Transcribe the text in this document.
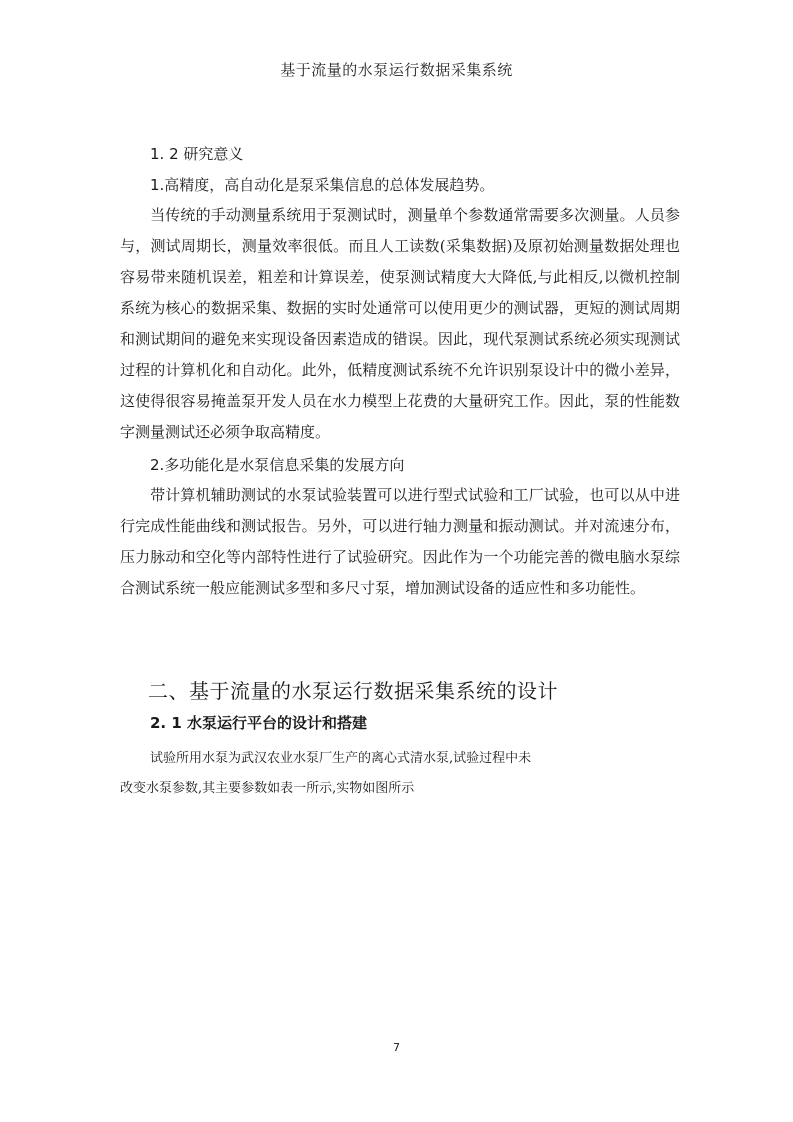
基于流量的水泵运行数据采集系统
1. 2 研究意义
1.高精度，高自动化是泵采集信息的总体发展趋势。
当传统的手动测量系统用于泵测试时，测量单个参数通常需要多次测量。人员参与，测试周期长，测量效率很低。而且人工读数(采集数据)及原初始测量数据处理也容易带来随机误差，粗差和计算误差，使泵测试精度大大降低,与此相反,以微机控制系统为核心的数据采集、数据的实时处通常可以使用更少的测试器，更短的测试周期和测试期间的避免来实现设备因素造成的错误。因此，现代泵测试系统必须实现测试过程的计算机化和自动化。此外，低精度测试系统不允许识别泵设计中的微小差异，这使得很容易掩盖泵开发人员在水力模型上花费的大量研究工作。因此，泵的性能数字测量测试还必须争取高精度。
2.多功能化是水泵信息采集的发展方向
带计算机辅助测试的水泵试验装置可以进行型式试验和工厂试验，也可以从中进行完成性能曲线和测试报告。另外，可以进行轴力测量和振动测试。并对流速分布，压力脉动和空化等内部特性进行了试验研究。因此作为一个功能完善的微电脑水泵综合测试系统一般应能测试多型和多尺寸泵，增加测试设备的适应性和多功能性。
二、基于流量的水泵运行数据采集系统的设计
2. 1 水泵运行平台的设计和搭建
试验所用水泵为武汉农业水泵厂生产的离心式清水泵,试验过程中未
改变水泵参数,其主要参数如表一所示,实物如图所示
7
